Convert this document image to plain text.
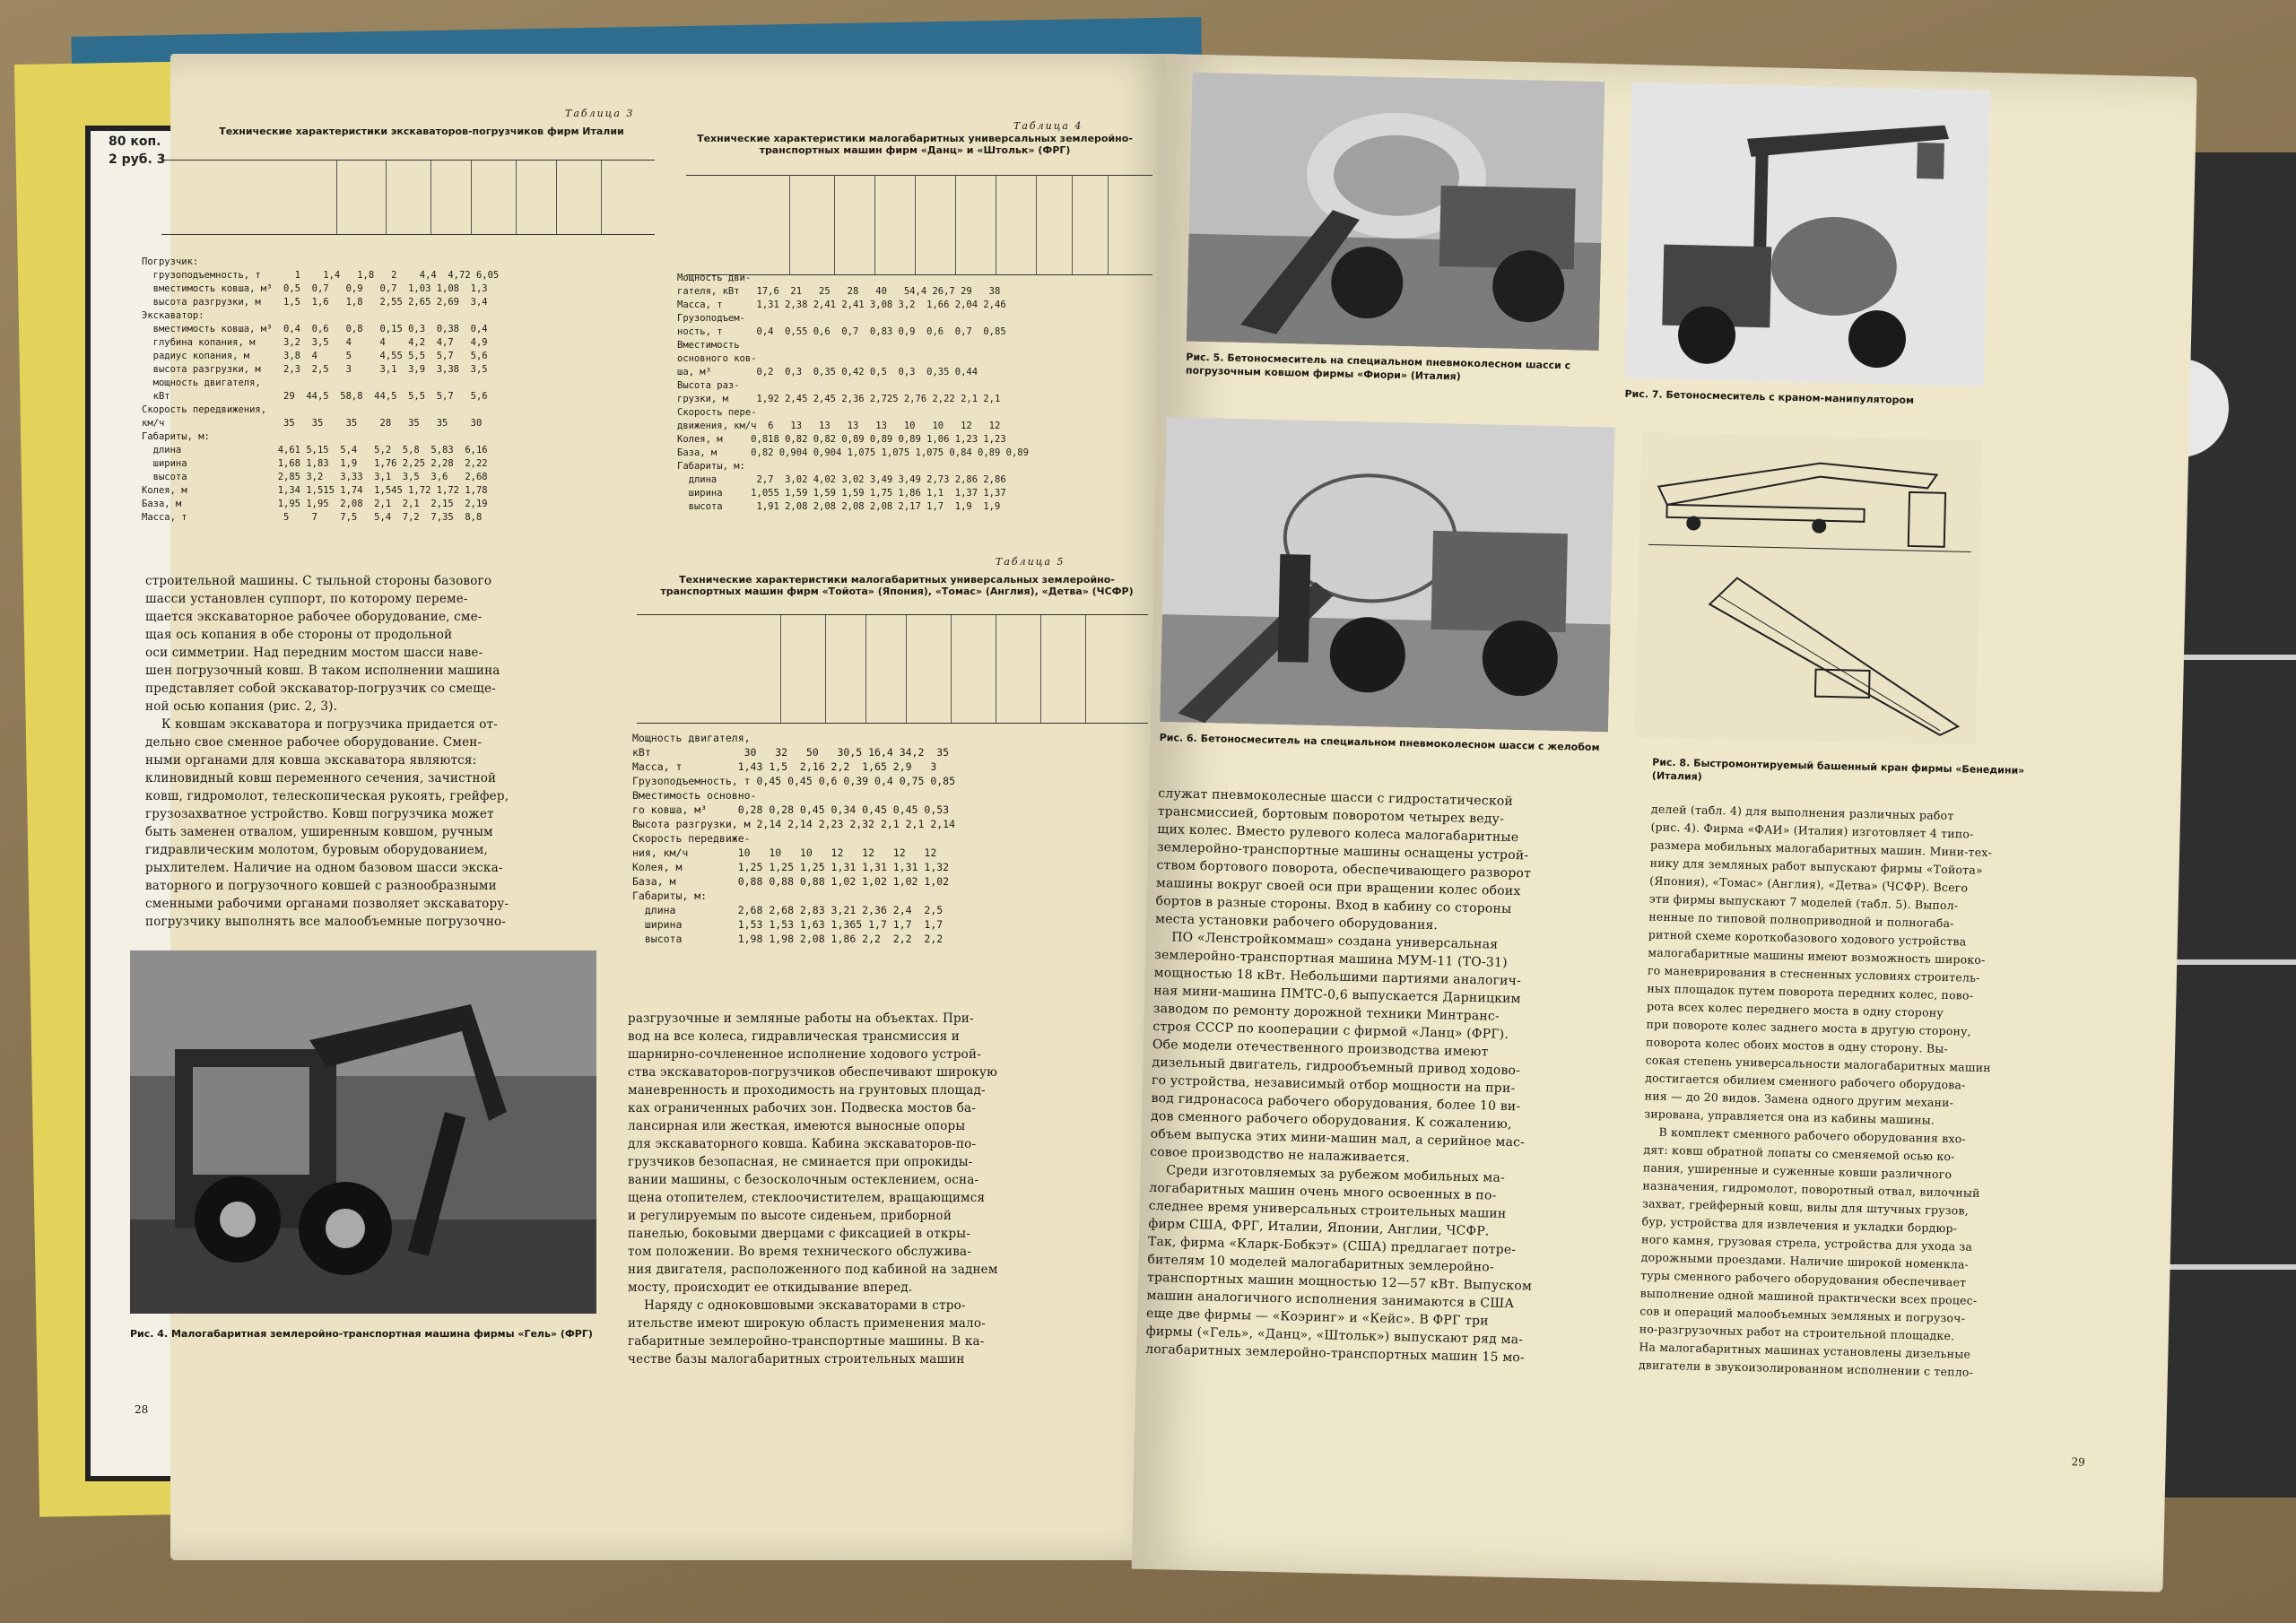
80 коп.
2 руб. 3
Таблица 3
Технические характеристики экскаваторов-погрузчиков фирм Италии
Погрузчик:
грузоподъемность, т      1    1,4   1,8   2    4,4  4,72 6,05
вместимость ковша, м³  0,5  0,7   0,9   0,7  1,03 1,08  1,3
высота разгрузки, м    1,5  1,6   1,8   2,55 2,65 2,69  3,4
Экскаватор:
вместимость ковша, м³  0,4  0,6   0,8   0,15 0,3  0,38  0,4
глубина копания, м     3,2  3,5   4     4    4,2  4,7   4,9
радиус копания, м      3,8  4     5     4,55 5,5  5,7   5,6
высота разгрузки, м    2,3  2,5   3     3,1  3,9  3,38  3,5
мощность двигателя,
кВт                    29  44,5  58,8  44,5  5,5  5,7   5,6
Скорость передвижения,
км/ч                     35   35    35    28   35   35    30
Габариты, м:
длина                 4,61 5,15  5,4   5,2  5,8  5,83  6,16
ширина                1,68 1,83  1,9   1,76 2,25 2,28  2,22
высота                2,85 3,2   3,33  3,1  3,5  3,6   2,68
Колея, м                1,34 1,515 1,74  1,545 1,72 1,72 1,78
База, м                 1,95 1,95  2,08  2,1  2,1  2,15  2,19
Масса, т                 5    7    7,5   5,4  7,2  7,35  8,8
Таблица 4
Технические характеристики малогабаритных универсальных землеройно-транспортных машин фирм «Данц» и «Штольк» (ФРГ)
Мощность дви-
гателя, кВт   17,6  21   25   28   40   54,4 26,7 29   38
Масса, т      1,31 2,38 2,41 2,41 3,08 3,2  1,66 2,04 2,46
Грузоподъем-
ность, т      0,4  0,55 0,6  0,7  0,83 0,9  0,6  0,7  0,85
Вместимость
основного ков-
ша, м³        0,2  0,3  0,35 0,42 0,5  0,3  0,35 0,44
Высота раз-
грузки, м     1,92 2,45 2,45 2,36 2,725 2,76 2,22 2,1 2,1
Скорость пере-
движения, км/ч  6   13   13   13   13   10   10   12   12
Колея, м     0,818 0,82 0,82 0,89 0,89 0,89 1,06 1,23 1,23
База, м      0,82 0,904 0,904 1,075 1,075 1,075 0,84 0,89 0,89
Габариты, м:
длина       2,7  3,02 4,02 3,02 3,49 3,49 2,73 2,86 2,86
ширина     1,055 1,59 1,59 1,59 1,75 1,86 1,1  1,37 1,37
высота      1,91 2,08 2,08 2,08 2,08 2,17 1,7  1,9  1,9
строительной машины. С тыльной стороны базового
шасси установлен суппорт, по которому переме-
щается экскаваторное рабочее оборудование, сме-
щая ось копания в обе стороны от продольной
оси симметрии. Над передним мостом шасси наве-
шен погрузочный ковш. В таком исполнении машина
представляет собой экскаватор-погрузчик со смеще-
ной осью копания (рис. 2, 3).
К ковшам экскаватора и погрузчика придается от-
дельно свое сменное рабочее оборудование. Смен-
ными органами для ковша экскаватора являются:
клиновидный ковш переменного сечения, зачистной
ковш, гидромолот, телескопическая рукоять, грейфер,
грузозахватное устройство. Ковш погрузчика может
быть заменен отвалом, уширенным ковшом, ручным
гидравлическим молотом, буровым оборудованием,
рыхлителем. Наличие на одном базовом шасси экска-
ваторного и погрузочного ковшей с разнообразными
сменными рабочими органами позволяет экскаватору-
погрузчику выполнять все малообъемные погрузочно-
Таблица 5
Технические характеристики малогабаритных универсальных землеройно-транспортных машин фирм «Тойота» (Япония), «Томас» (Англия), «Детва» (ЧСФР)
Мощность двигателя,
кВт               30   32   50   30,5 16,4 34,2  35
Масса, т         1,43 1,5  2,16 2,2  1,65 2,9   3
Грузоподъемность, т 0,45 0,45 0,6 0,39 0,4 0,75 0,85
Вместимость основно-
го ковша, м³     0,28 0,28 0,45 0,34 0,45 0,45 0,53
Высота разгрузки, м 2,14 2,14 2,23 2,32 2,1 2,1 2,14
Скорость передвиже-
ния, км/ч        10   10   10   12   12   12   12
Колея, м         1,25 1,25 1,25 1,31 1,31 1,31 1,32
База, м          0,88 0,88 0,88 1,02 1,02 1,02 1,02
Габариты, м:
длина          2,68 2,68 2,83 3,21 2,36 2,4  2,5
ширина         1,53 1,53 1,63 1,365 1,7 1,7  1,7
высота         1,98 1,98 2,08 1,86 2,2  2,2  2,2
Рис. 4. Малогабаритная землеройно-транспортная машина фирмы «Гель» (ФРГ)
разгрузочные и земляные работы на объектах. При-
вод на все колеса, гидравлическая трансмиссия и
шарнирно-сочлененное исполнение ходового устрой-
ства экскаваторов-погрузчиков обеспечивают широкую
маневренность и проходимость на грунтовых площад-
ках ограниченных рабочих зон. Подвеска мостов ба-
лансирная или жесткая, имеются выносные опоры
для экскаваторного ковша. Кабина экскаваторов-по-
грузчиков безопасная, не сминается при опрокиды-
вании машины, с безосколочным остеклением, осна-
щена отопителем, стеклоочистителем, вращающимся
и регулируемым по высоте сиденьем, приборной
панелью, боковыми дверцами с фиксацией в откры-
том положении. Во время технического обслужива-
ния двигателя, расположенного под кабиной на заднем
мосту, происходит ее откидывание вперед.
Наряду с одноковшовыми экскаваторами в стро-
ительстве имеют широкую область применения мало-
габаритные землеройно-транспортные машины. В ка-
честве базы малогабаритных строительных машин
28
Рис. 5. Бетоносмеситель на специальном пневмоколесном шасси с погрузочным ковшом фирмы «Фиори» (Италия)
Рис. 7. Бетоносмеситель с краном-манипулятором
Рис. 6. Бетоносмеситель на специальном пневмоколесном шасси с желобом
Рис. 8. Быстромонтируемый башенный кран фирмы «Бенедини» (Италия)
служат пневмоколесные шасси с гидростатической
трансмиссией, бортовым поворотом четырех веду-
щих колес. Вместо рулевого колеса малогабаритные
землеройно-транспортные машины оснащены устрой-
ством бортового поворота, обеспечивающего разворот
машины вокруг своей оси при вращении колес обоих
бортов в разные стороны. Вход в кабину со стороны
места установки рабочего оборудования.
ПО «Ленстройкоммаш» создана универсальная
землеройно-транспортная машина МУМ-11 (ТО-31)
мощностью 18 кВт. Небольшими партиями аналогич-
ная мини-машина ПМТС-0,6 выпускается Дарницким
заводом по ремонту дорожной техники Минтранс-
строя СССР по кооперации с фирмой «Ланц» (ФРГ).
Обе модели отечественного производства имеют
дизельный двигатель, гидрообъемный привод ходово-
го устройства, независимый отбор мощности на при-
вод гидронасоса рабочего оборудования, более 10 ви-
дов сменного рабочего оборудования. К сожалению,
объем выпуска этих мини-машин мал, а серийное мас-
совое производство не налаживается.
Среди изготовляемых за рубежом мобильных ма-
логабаритных машин очень много освоенных в по-
следнее время универсальных строительных машин
фирм США, ФРГ, Италии, Японии, Англии, ЧСФР.
Так, фирма «Кларк-Бобкэт» (США) предлагает потре-
бителям 10 моделей малогабаритных землеройно-
транспортных машин мощностью 12—57 кВт. Выпуском
машин аналогичного исполнения занимаются в США
еще две фирмы — «Коэринг» и «Кейс». В ФРГ три
фирмы («Гель», «Данц», «Штольк») выпускают ряд ма-
логабаритных землеройно-транспортных машин 15 мо-
делей (табл. 4) для выполнения различных работ
(рис. 4). Фирма «ФАИ» (Италия) изготовляет 4 типо-
размера мобильных малогабаритных машин. Мини-тех-
нику для земляных работ выпускают фирмы «Тойота»
(Япония), «Томас» (Англия), «Детва» (ЧСФР). Всего
эти фирмы выпускают 7 моделей (табл. 5). Выпол-
ненные по типовой полноприводной и полногаба-
ритной схеме короткобазового ходового устройства
малогабаритные машины имеют возможность широко-
го маневрирования в стесненных условиях строитель-
ных площадок путем поворота передних колес, пово-
рота всех колес переднего моста в одну сторону
при повороте колес заднего моста в другую сторону,
поворота колес обоих мостов в одну сторону. Вы-
сокая степень универсальности малогабаритных машин
достигается обилием сменного рабочего оборудова-
ния — до 20 видов. Замена одного другим механи-
зирована, управляется она из кабины машины.
В комплект сменного рабочего оборудования вхо-
дят: ковш обратной лопаты со сменяемой осью ко-
пания, уширенные и суженные ковши различного
назначения, гидромолот, поворотный отвал, вилочный
захват, грейферный ковш, вилы для штучных грузов,
бур, устройства для извлечения и укладки бордюр-
ного камня, грузовая стрела, устройства для ухода за
дорожными проездами. Наличие широкой номенкла-
туры сменного рабочего оборудования обеспечивает
выполнение одной машиной практически всех процес-
сов и операций малообъемных земляных и погрузоч-
но-разгрузочных работ на строительной площадке.
На малогабаритных машинах установлены дизельные
двигатели в звукоизолированном исполнении с тепло-
29
